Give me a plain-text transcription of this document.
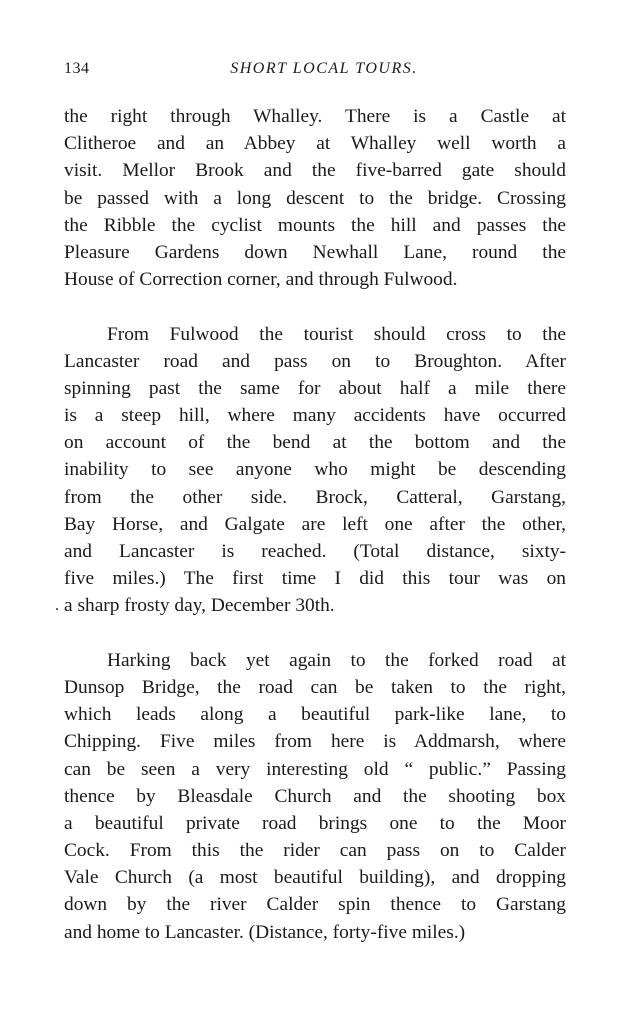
134	SHORT LOCAL TOURS.
the right through Whalley. There is a Castle at
Clitheroe and an Abbey at Whalley well worth a
visit. Mellor Brook and the five-barred gate should
be passed with a long descent to the bridge. Crossing
the Ribble the cyclist mounts the hill and passes the
Pleasure Gardens down Newhall Lane, round the
House of Correction corner, and through Fulwood.
From Fulwood the tourist should cross to the
Lancaster road and pass on to Broughton. After
spinning past the same for about half a mile there
is a steep hill, where many accidents have occurred
on account of the bend at the bottom and the
inability to see anyone who might be descending
from the other side. Brock, Catteral, Garstang,
Bay Horse, and Galgate are left one after the other,
and Lancaster is reached. (Total distance, sixty-
five miles.) The first time I did this tour was on
. a sharp frosty day, December 30th.
Harking back yet again to the forked road at
Dunsop Bridge, the road can be taken to the right,
which leads along a beautiful park-like lane, to
Chipping. Five miles from here is Addmarsh, where
can be seen a very interesting old “ public.” Passing
thence by Bleasdale Church and the shooting box
a beautiful private road brings one to the Moor
Cock. From this the rider can pass on to Calder
Vale Church (a most beautiful building), and dropping
down by the river Calder spin thence to Garstang
and home to Lancaster. (Distance, forty-five miles.)
